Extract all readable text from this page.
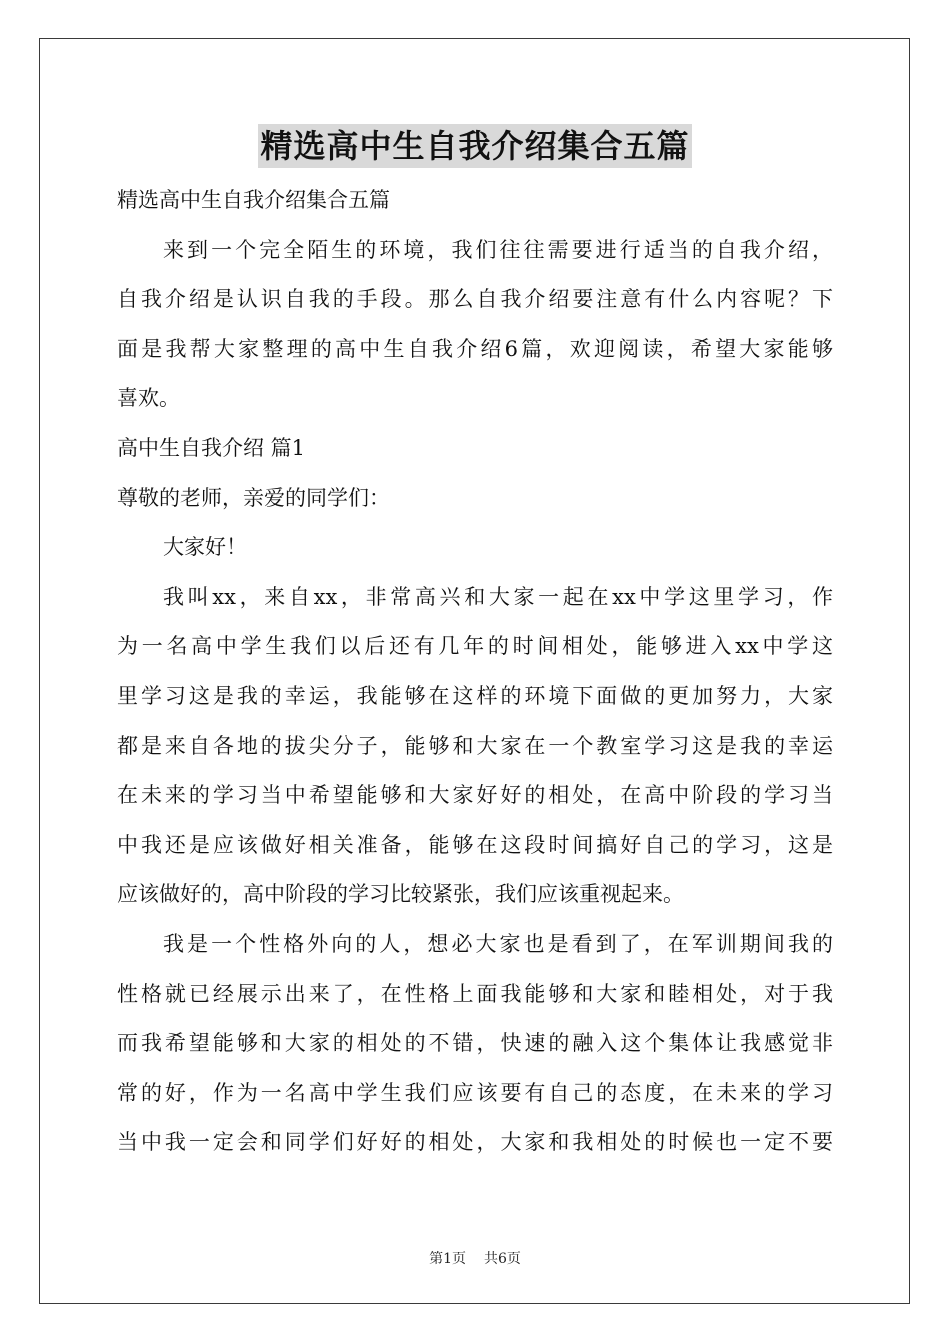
精选高中生自我介绍集合五篇
精选高中生自我介绍集合五篇
来到一个完全陌生的环境，我们往往需要进行适当的自我介绍，
自我介绍是认识自我的手段。那么自我介绍要注意有什么内容呢？下
面是我帮大家整理的高中生自我介绍6篇，欢迎阅读，希望大家能够
喜欢。
高中生自我介绍 篇1
尊敬的老师，亲爱的同学们：
大家好！
我叫xx，来自xx，非常高兴和大家一起在xx中学这里学习，作
为一名高中学生我们以后还有几年的时间相处，能够进入xx中学这
里学习这是我的幸运，我能够在这样的环境下面做的更加努力，大家
都是来自各地的拔尖分子，能够和大家在一个教室学习这是我的幸运
在未来的学习当中希望能够和大家好好的相处，在高中阶段的学习当
中我还是应该做好相关准备，能够在这段时间搞好自己的学习，这是
应该做好的，高中阶段的学习比较紧张，我们应该重视起来。
我是一个性格外向的人，想必大家也是看到了，在军训期间我的
性格就已经展示出来了，在性格上面我能够和大家和睦相处，对于我
而我希望能够和大家的相处的不错，快速的融入这个集体让我感觉非
常的好，作为一名高中学生我们应该要有自己的态度，在未来的学习
当中我一定会和同学们好好的相处，大家和我相处的时候也一定不要
第1页 共6页
